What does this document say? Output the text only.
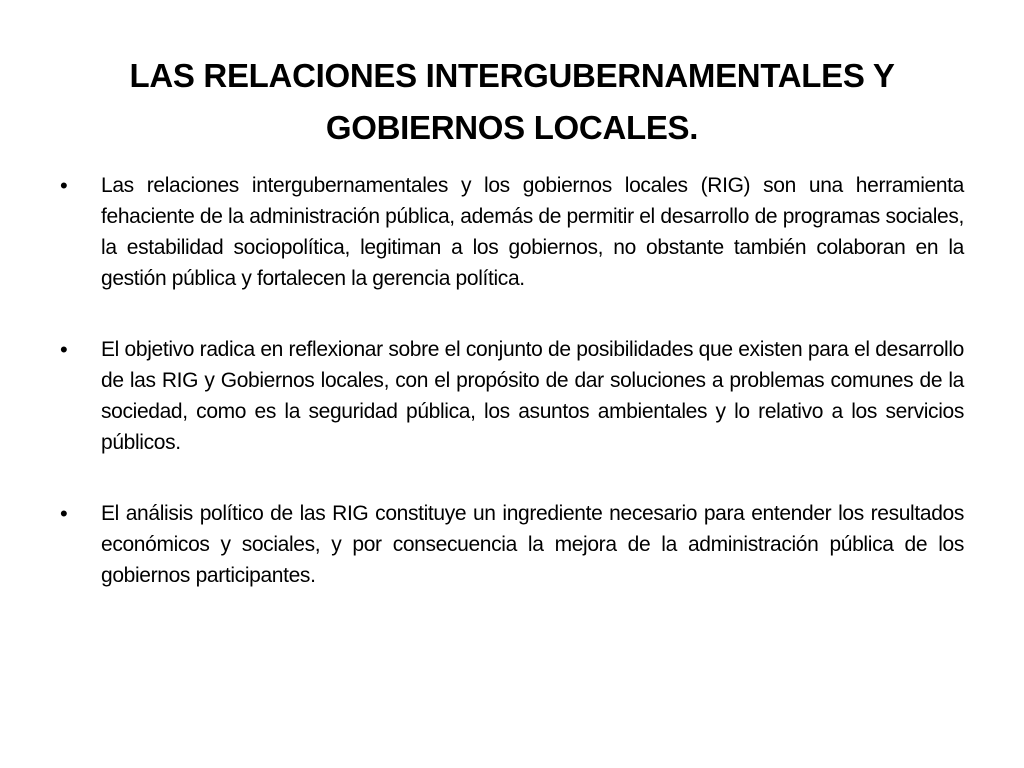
LAS RELACIONES INTERGUBERNAMENTALES Y
GOBIERNOS LOCALES.
• Las relaciones intergubernamentales y los gobiernos locales (RIG) son una herramienta fehaciente de la administración pública, además de permitir el desarrollo de programas sociales, la estabilidad sociopolítica, legitiman a los gobiernos, no obstante también colaboran en la gestión pública y fortalecen la gerencia política.
• El objetivo radica en reflexionar sobre el conjunto de posibilidades que existen para el desarrollo de las RIG y Gobiernos locales, con el propósito de dar soluciones a problemas comunes de la sociedad, como es la seguridad pública, los asuntos ambientales y lo relativo a los servicios públicos.
• El análisis político de las RIG constituye un ingrediente necesario para entender los resultados económicos y sociales, y por consecuencia la mejora de la administración pública de los gobiernos participantes.
